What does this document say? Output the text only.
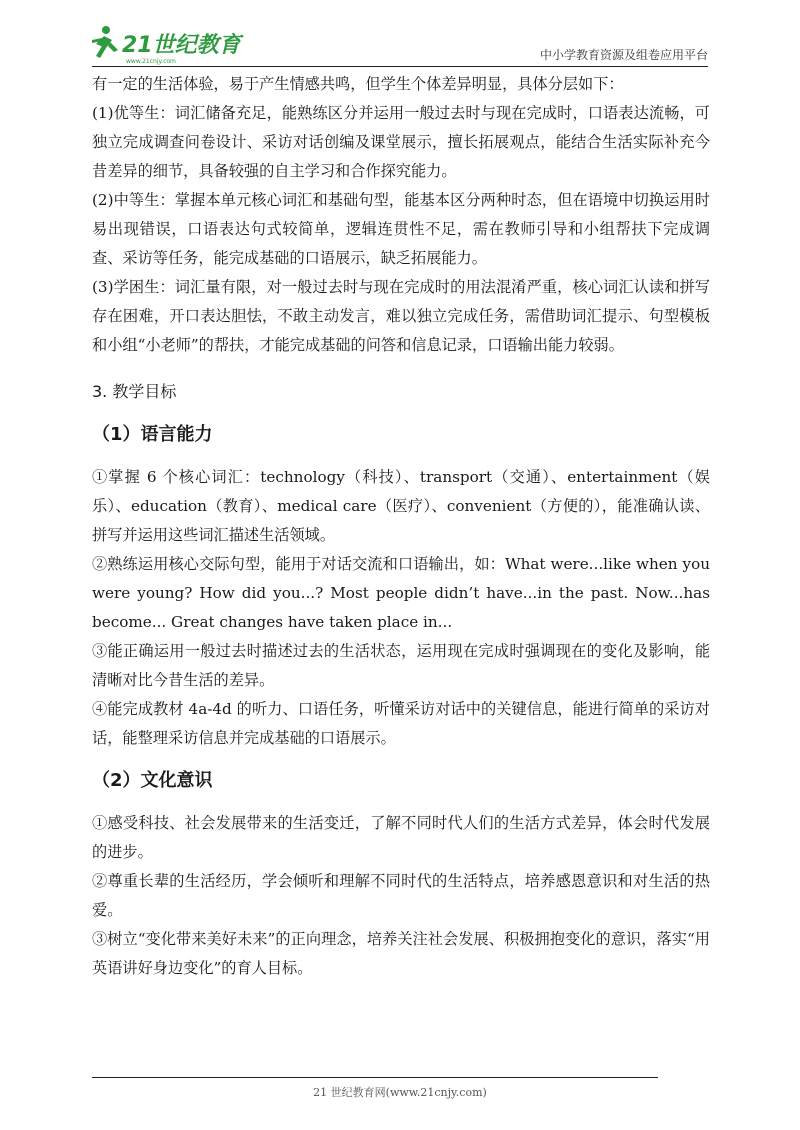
21世纪教育
www.21cnjy.com	中小学教育资源及组卷应用平台

有一定的生活体验，易于产生情感共鸣，但学生个体差异明显，具体分层如下：

(1)优等生：词汇储备充足，能熟练区分并运用一般过去时与现在完成时，口语表达流畅，可独立完成调查问卷设计、采访对话创编及课堂展示，擅长拓展观点，能结合生活实际补充今昔差异的细节，具备较强的自主学习和合作探究能力。

(2)中等生：掌握本单元核心词汇和基础句型，能基本区分两种时态，但在语境中切换运用时易出现错误，口语表达句式较简单，逻辑连贯性不足，需在教师引导和小组帮扶下完成调查、采访等任务，能完成基础的口语展示，缺乏拓展能力。

(3)学困生：词汇量有限，对一般过去时与现在完成时的用法混淆严重，核心词汇认读和拼写存在困难，开口表达胆怯，不敢主动发言，难以独立完成任务，需借助词汇提示、句型模板和小组“小老师”的帮扶，才能完成基础的问答和信息记录，口语输出能力较弱。

3. 教学目标
（1）语言能力

①掌握 6 个核心词汇：technology（科技）、transport（交通）、entertainment（娱乐）、education（教育）、medical care（医疗）、convenient（方便的），能准确认读、拼写并运用这些词汇描述生活领域。

②熟练运用核心交际句型，能用于对话交流和口语输出，如：What were...like when you were young? How did you...? Most people didn’t have...in the past. Now...has become... Great changes have taken place in...

③能正确运用一般过去时描述过去的生活状态，运用现在完成时强调现在的变化及影响，能清晰对比今昔生活的差异。

④能完成教材 4a-4d 的听力、口语任务，听懂采访对话中的关键信息，能进行简单的采访对话，能整理采访信息并完成基础的口语展示。

（2）文化意识

①感受科技、社会发展带来的生活变迁，了解不同时代人们的生活方式差异，体会时代发展的进步。

②尊重长辈的生活经历，学会倾听和理解不同时代的生活特点，培养感恩意识和对生活的热爱。

③树立“变化带来美好未来”的正向理念，培养关注社会发展、积极拥抱变化的意识，落实“用英语讲好身边变化”的育人目标。

21 世纪教育网(www.21cnjy.com)
